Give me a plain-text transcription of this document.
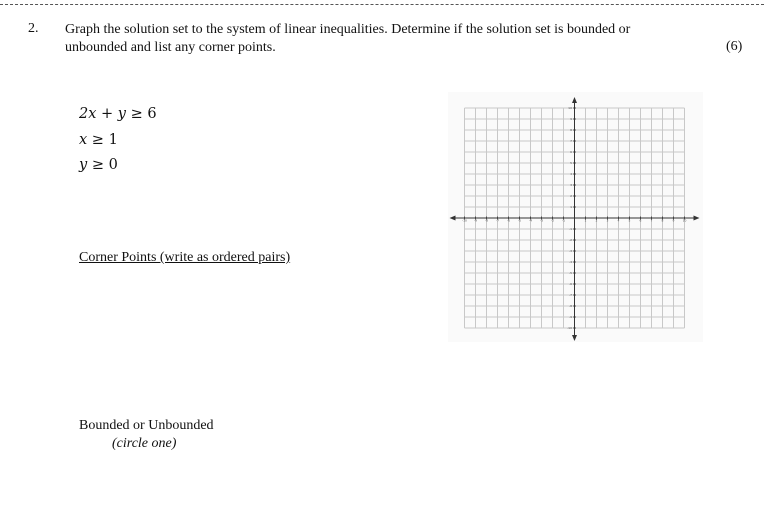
2. Graph the solution set to the system of linear inequalities. Determine if the solution set is bounded or unbounded and list any corner points.	(6)
2x + y ≥ 6
x ≥ 1
y ≥ 0
Corner Points (write as ordered pairs)
Bounded or Unbounded
(circle one)
-10 -9	-8	-7	-6	-5	-4	-3	-2	-1	1	2	3	4	5	6	7	8	9	10
-10
-9
-8
-7
-6
-5
-4
-3
-2
-1
1
2
3
4
5
6
7
8
9
10
